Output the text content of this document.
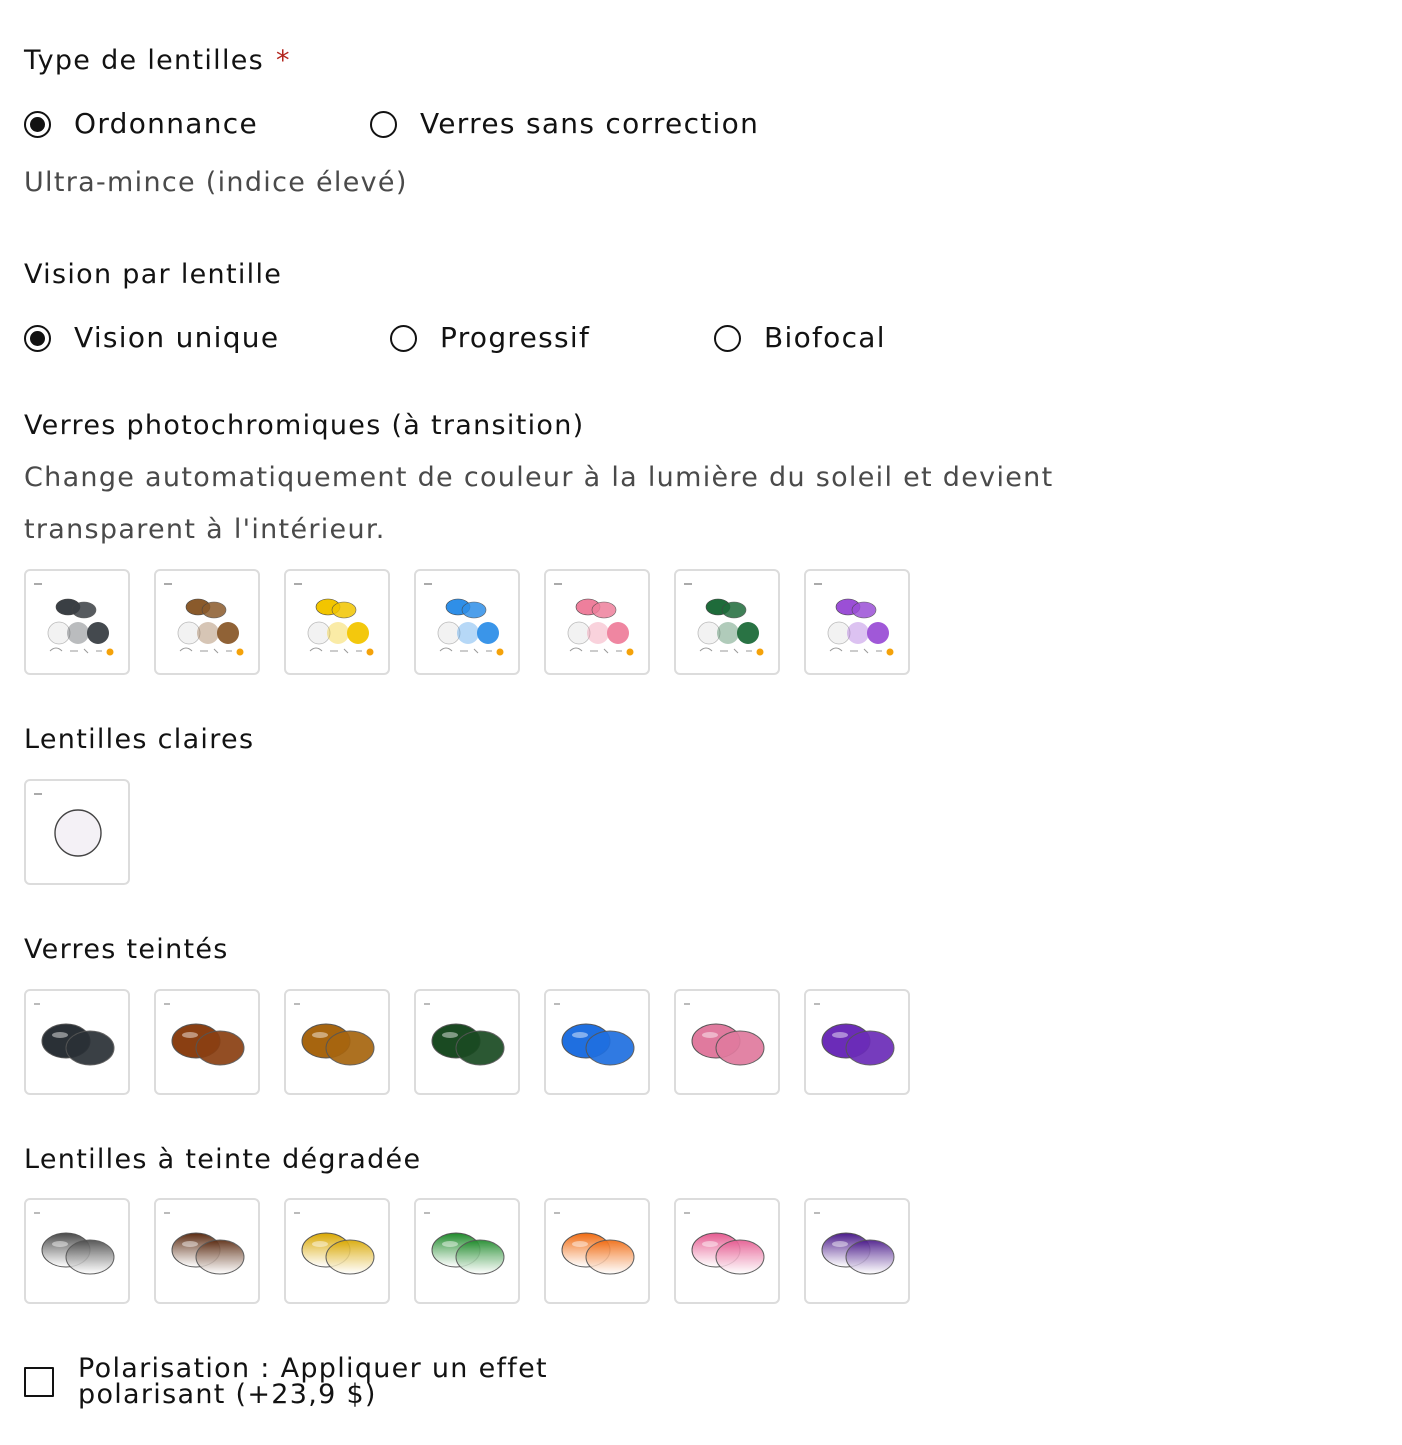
Type de lentilles *
Ordonnance	Verres sans correction
Ultra-mince (indice élevé)
Vision par lentille
Vision unique	Progressif	Biofocal
Verres photochromiques (à transition)
Change automatiquement de couleur à la lumière du soleil et devient transparent à l'intérieur.
Lentilles claires
Verres teintés
Lentilles à teinte dégradée
Polarisation : Appliquer un effet polarisant (+23,9 $)
